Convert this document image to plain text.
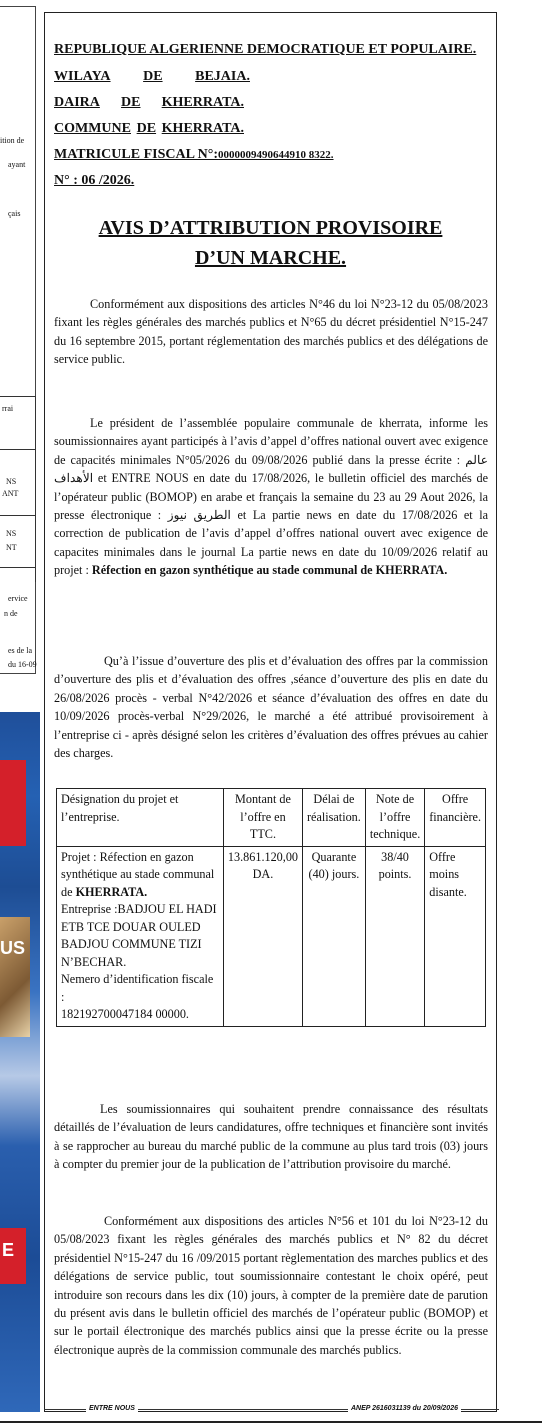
ition de
ayant
çais
rrai
NS
ANT
NS
NT
ervice
n de
es de la
du 16-09
US
E
REPUBLIQUE ALGERIENNE DEMOCRATIQUE ET POPULAIRE.
WILAYA DE BEJAIA.
DAIRA DE KHERRATA.
COMMUNE DE KHERRATA.
MATRICULE FISCAL N°:0000009490644910 8322.
N° : 06 /2026.
AVIS D’ATTRIBUTION PROVISOIRE
D’UN MARCHE.

Conformément aux dispositions des articles N°46 du loi N°23-12 du 05/08/2023 fixant les règles générales des marchés publics et N°65 du décret présidentiel N°15-247 du 16 septembre 2015, portant réglementation des marchés publics et des délégations de service public.

Le président de l’assemblée populaire communale de kherrata, informe les soumissionnaires ayant participés à l’avis d’appel d’offres national ouvert avec exigence de capacités minimales N°05/2026 du 09/08/2026 publié dans la presse écrite : عالم الأهداف et ENTRE NOUS en date du 17/08/2026, le bulletin officiel des marchés de l’opérateur public (BOMOP) en arabe et français la semaine du 23 au 29 Aout 2026, la presse électronique : الطريق نيوز et La partie news en date du 17/08/2026 et la correction de publication de l’avis d’appel d’offres national ouvert avec exigence de capacites minimales dans le journal La partie news en date du 10/09/2026 relatif au projet : Réfection en gazon synthétique au stade communal de KHERRATA.

Qu’à l’issue d’ouverture des plis et d’évaluation des offres par la commission d’ouverture des plis et d’évaluation des offres ,séance d’ouverture des plis en date du 26/08/2026 procès - verbal N°42/2026 et séance d’évaluation des offres en date du 10/09/2026 procès-verbal N°29/2026, le marché a été attribué provisoirement à l’entreprise ci - après désigné selon les critères d’évaluation des offres prévues au cahier des charges.

Désignation du projet et l’entreprise.	Montant de l’offre en TTC.	Délai de réalisation.	Note de l’offre technique.	Offre financière.
Projet : Réfection en gazon synthétique au stade communal de KHERRATA.
Entreprise :BADJOU EL HADI ETB TCE DOUAR OULED BADJOU COMMUNE TIZI N’BECHAR.
Nemero d’identification fiscale :
182192700047184 00000.	13.861.120,00 DA.	Quarante (40) jours.	38/40 points.	Offre moins disante.

Les soumissionnaires qui souhaitent prendre connaissance des résultats détaillés de l’évaluation de leurs candidatures, offre techniques et financière sont invités à se rapprocher au bureau du marché public de la commune au plus tard trois (03) jours à compter du premier jour de la publication de l’attribution provisoire du marché.

Conformément aux dispositions des articles N°56 et 101 du loi N°23-12 du 05/08/2023 fixant les règles générales des marchés publics et N° 82 du décret présidentiel N°15-247 du 16 /09/2015 portant règlementation des marches publics et des délégations de service public, tout soumissionnaire contestant le choix opéré, peut introduire son recours dans les dix (10) jours, à compter de la première date de parution du présent avis dans le bulletin officiel des marchés de l’opérateur public (BOMOP) et sur le portail électronique des marchés publics ainsi que la presse écrite ou la presse électronique auprès de la commission communale des marchés publics.

ENTRE NOUS	ANEP 2616031139 du 20/09/2026
